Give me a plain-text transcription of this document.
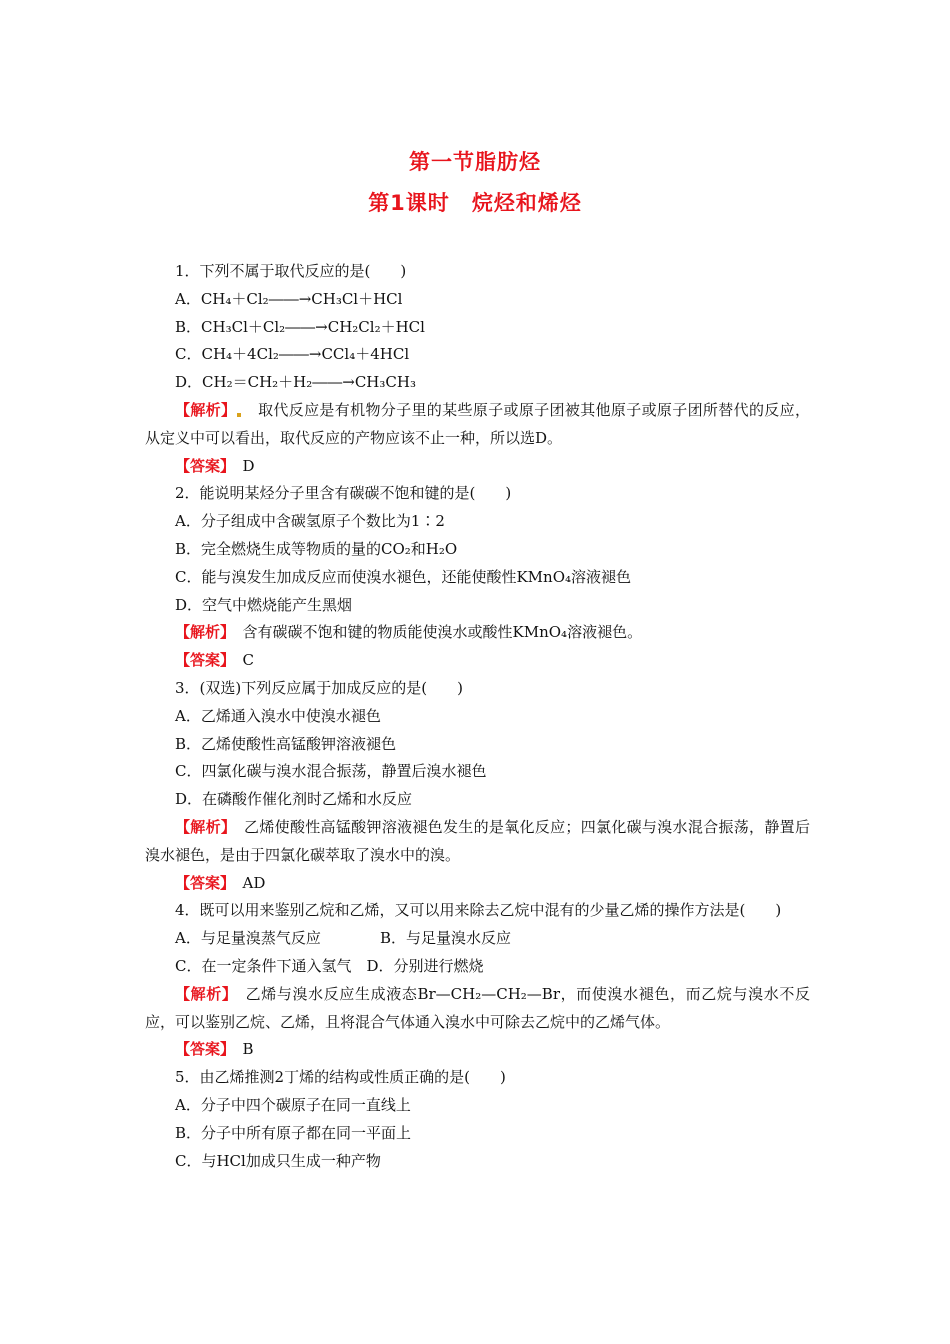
第一节脂肪烃
第1课时 烷烃和烯烃
1．下列不属于取代反应的是(　　)
A．CH₄＋Cl₂――→CH₃Cl＋HCl
B．CH₃Cl＋Cl₂――→CH₂Cl₂＋HCl
C．CH₄＋4Cl₂――→CCl₄＋4HCl
D．CH₂＝CH₂＋H₂――→CH₃CH₃
【解析】　 取代反应是有机物分子里的某些原子或原子团被其他原子或原子团所替代的反应，从定义中可以看出，取代反应的产物应该不止一种，所以选D。
【答案】　 D
2．能说明某烃分子里含有碳碳不饱和键的是(　　)
A．分子组成中含碳氢原子个数比为1∶2
B．完全燃烧生成等物质的量的CO₂和H₂O
C．能与溴发生加成反应而使溴水褪色，还能使酸性KMnO₄溶液褪色
D．空气中燃烧能产生黑烟
【解析】　 含有碳碳不饱和键的物质能使溴水或酸性KMnO₄溶液褪色。
【答案】　 C
3．(双选)下列反应属于加成反应的是(　　)
A．乙烯通入溴水中使溴水褪色
B．乙烯使酸性高锰酸钾溶液褪色
C．四氯化碳与溴水混合振荡，静置后溴水褪色
D．在磷酸作催化剂时乙烯和水反应
【解析】　 乙烯使酸性高锰酸钾溶液褪色发生的是氧化反应；四氯化碳与溴水混合振荡，静置后溴水褪色，是由于四氯化碳萃取了溴水中的溴。
【答案】　 AD
4．既可以用来鉴别乙烷和乙烯，又可以用来除去乙烷中混有的少量乙烯的操作方法是(　　)
A．与足量溴蒸气反应	B．与足量溴水反应
C．在一定条件下通入氢气　 D．分别进行燃烧
【解析】　 乙烯与溴水反应生成液态Br—CH₂—CH₂—Br，而使溴水褪色，而乙烷与溴水不反应，可以鉴别乙烷、乙烯，且将混合气体通入溴水中可除去乙烷中的乙烯气体。
【答案】　 B
5．由乙烯推测2丁烯的结构或性质正确的是(　　)
A．分子中四个碳原子在同一直线上
B．分子中所有原子都在同一平面上
C．与HCl加成只生成一种产物
